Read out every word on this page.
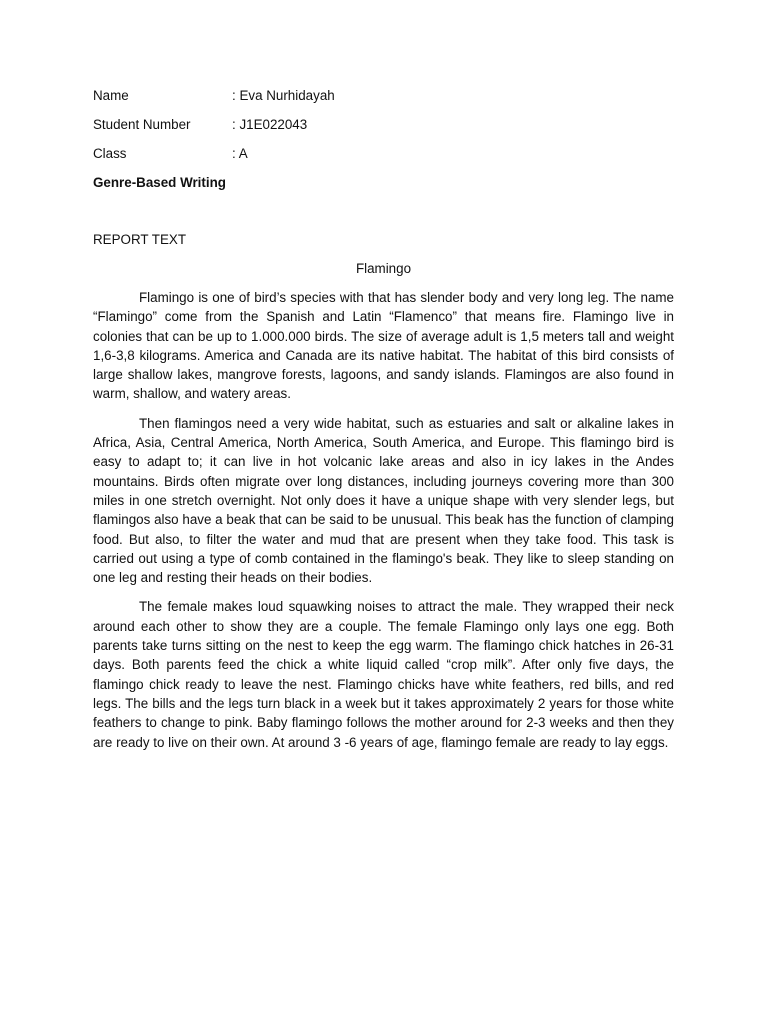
Name	: Eva Nurhidayah
Student Number	: J1E022043
Class	: A
Genre-Based Writing
REPORT TEXT
Flamingo

Flamingo is one of bird’s species with that has slender body and very long leg. The name “Flamingo” come from the Spanish and Latin “Flamenco” that means fire. Flamingo live in colonies that can be up to 1.000.000 birds. The size of average adult is 1,5 meters tall and weight 1,6-3,8 kilograms. America and Canada are its native habitat. The habitat of this bird consists of large shallow lakes, mangrove forests, lagoons, and sandy islands. Flamingos are also found in warm, shallow, and watery areas.

Then flamingos need a very wide habitat, such as estuaries and salt or alkaline lakes in Africa, Asia, Central America, North America, South America, and Europe. This flamingo bird is easy to adapt to; it can live in hot volcanic lake areas and also in icy lakes in the Andes mountains. Birds often migrate over long distances, including journeys covering more than 300 miles in one stretch overnight. Not only does it have a unique shape with very slender legs, but flamingos also have a beak that can be said to be unusual. This beak has the function of clamping food. But also, to filter the water and mud that are present when they take food. This task is carried out using a type of comb contained in the flamingo's beak. They like to sleep standing on one leg and resting their heads on their bodies.

The female makes loud squawking noises to attract the male. They wrapped their neck around each other to show they are a couple. The female Flamingo only lays one egg. Both parents take turns sitting on the nest to keep the egg warm. The flamingo chick hatches in 26-31 days. Both parents feed the chick a white liquid called “crop milk”. After only five days, the flamingo chick ready to leave the nest. Flamingo chicks have white feathers, red bills, and red legs. The bills and the legs turn black in a week but it takes approximately 2 years for those white feathers to change to pink. Baby flamingo follows the mother around for 2-3 weeks and then they are ready to live on their own. At around 3 -6 years of age, flamingo female are ready to lay eggs.
